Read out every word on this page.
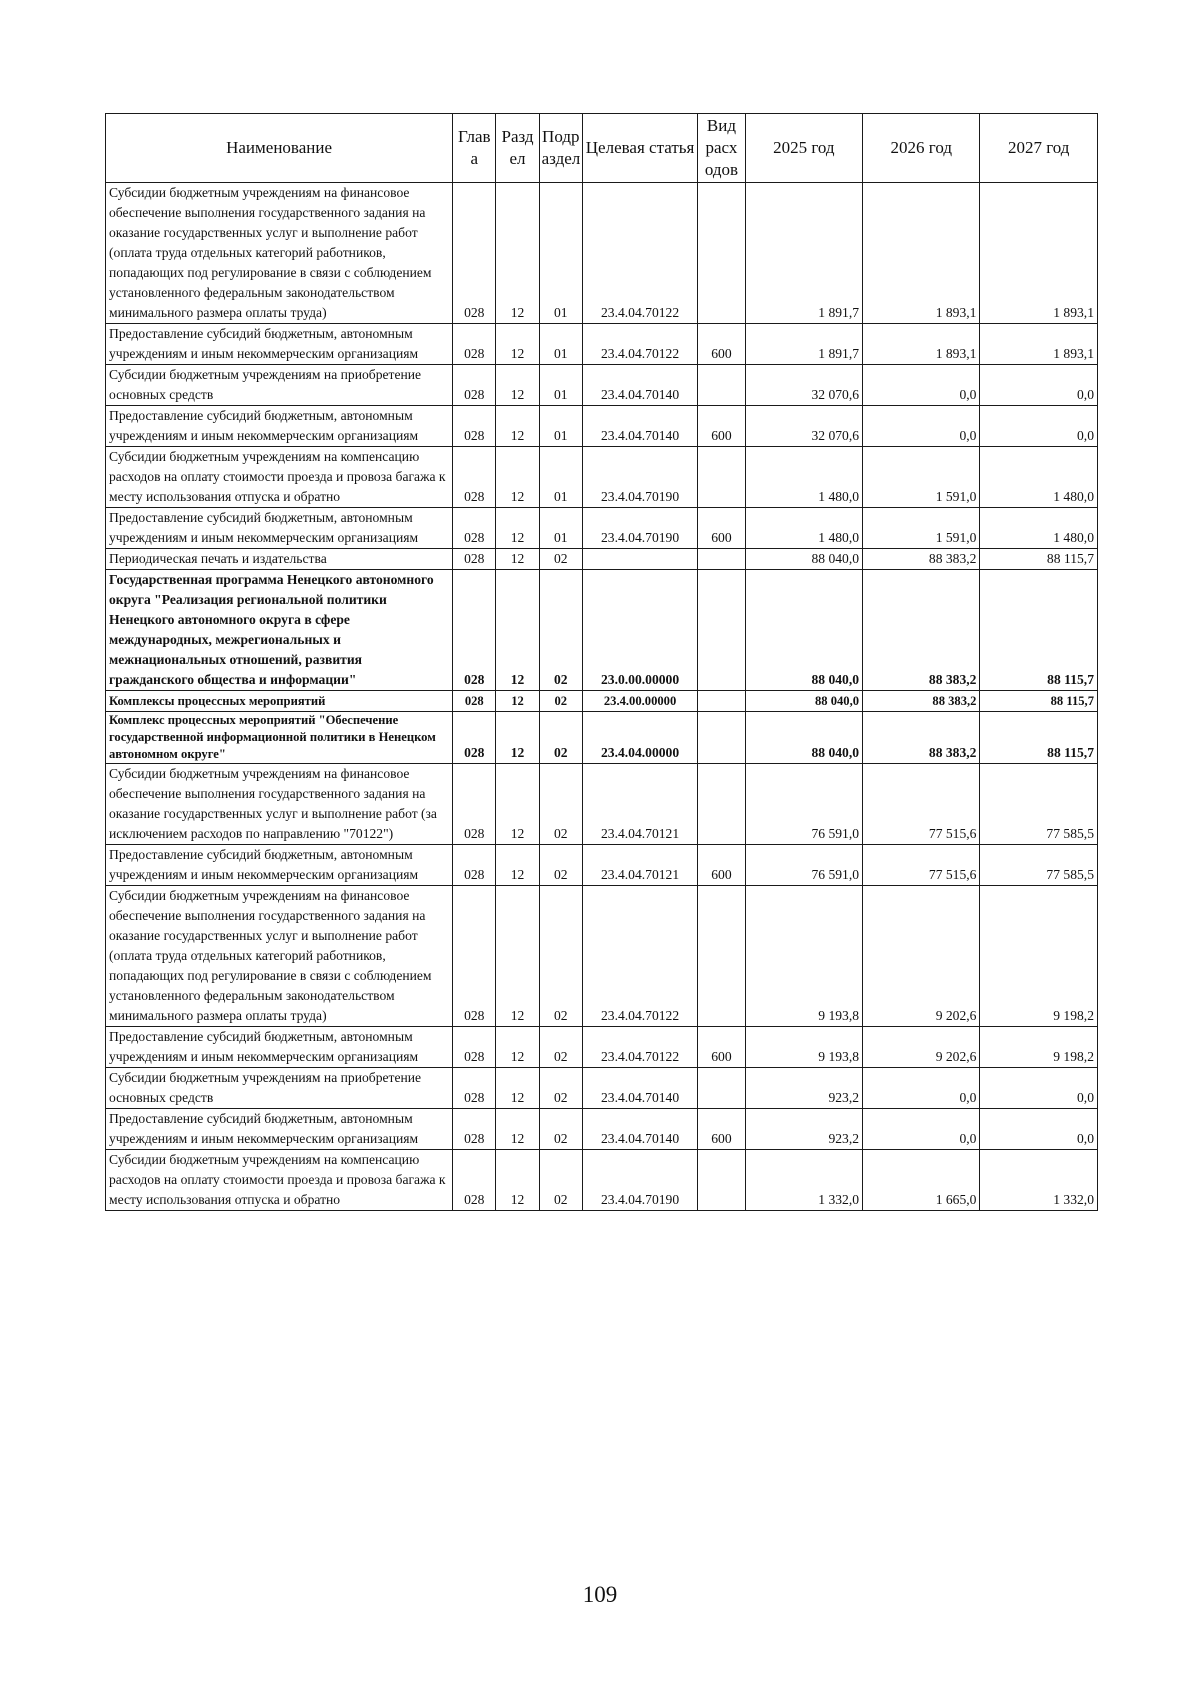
Наименование	Глав а	Разд ел	Подр аздел	Целевая статья	Вид расх одов	2025 год	2026 год	2027 год
Субсидии бюджетным учреждениям на финансовое обеспечение выполнения государственного задания на оказание государственных услуг и выполнение работ (оплата труда отдельных категорий работников, попадающих под регулирование в связи с соблюдением установленного федеральным законодательством минимального размера оплаты труда)	028	12	01	23.4.04.70122		1 891,7	1 893,1	1 893,1
Предоставление субсидий бюджетным, автономным учреждениям и иным некоммерческим организациям	028	12	01	23.4.04.70122	600	1 891,7	1 893,1	1 893,1
Субсидии бюджетным учреждениям на приобретение основных средств	028	12	01	23.4.04.70140		32 070,6	0,0	0,0
Предоставление субсидий бюджетным, автономным учреждениям и иным некоммерческим организациям	028	12	01	23.4.04.70140	600	32 070,6	0,0	0,0
Субсидии бюджетным учреждениям на компенсацию расходов на оплату стоимости проезда и провоза багажа к месту использования отпуска и обратно	028	12	01	23.4.04.70190		1 480,0	1 591,0	1 480,0
Предоставление субсидий бюджетным, автономным учреждениям и иным некоммерческим организациям	028	12	01	23.4.04.70190	600	1 480,0	1 591,0	1 480,0
Периодическая печать и издательства	028	12	02			88 040,0	88 383,2	88 115,7
Государственная программа Ненецкого автономного округа "Реализация региональной политики Ненецкого автономного округа в сфере международных, межрегиональных и межнациональных отношений, развития гражданского общества и информации"	028	12	02	23.0.00.00000		88 040,0	88 383,2	88 115,7
Комплексы процессных мероприятий	028	12	02	23.4.00.00000		88 040,0	88 383,2	88 115,7
Комплекс процессных мероприятий "Обеспечение государственной информационной политики в Ненецком автономном округе"	028	12	02	23.4.04.00000		88 040,0	88 383,2	88 115,7
Субсидии бюджетным учреждениям на финансовое обеспечение выполнения государственного задания на оказание государственных услуг и выполнение работ (за исключением расходов по направлению "70122")	028	12	02	23.4.04.70121		76 591,0	77 515,6	77 585,5
Предоставление субсидий бюджетным, автономным учреждениям и иным некоммерческим организациям	028	12	02	23.4.04.70121	600	76 591,0	77 515,6	77 585,5
Субсидии бюджетным учреждениям на финансовое обеспечение выполнения государственного задания на оказание государственных услуг и выполнение работ (оплата труда отдельных категорий работников, попадающих под регулирование в связи с соблюдением установленного федеральным законодательством минимального размера оплаты труда)	028	12	02	23.4.04.70122		9 193,8	9 202,6	9 198,2
Предоставление субсидий бюджетным, автономным учреждениям и иным некоммерческим организациям	028	12	02	23.4.04.70122	600	9 193,8	9 202,6	9 198,2
Субсидии бюджетным учреждениям на приобретение основных средств	028	12	02	23.4.04.70140		923,2	0,0	0,0
Предоставление субсидий бюджетным, автономным учреждениям и иным некоммерческим организациям	028	12	02	23.4.04.70140	600	923,2	0,0	0,0
Субсидии бюджетным учреждениям на компенсацию расходов на оплату стоимости проезда и провоза багажа к месту использования отпуска и обратно	028	12	02	23.4.04.70190		1 332,0	1 665,0	1 332,0
109
